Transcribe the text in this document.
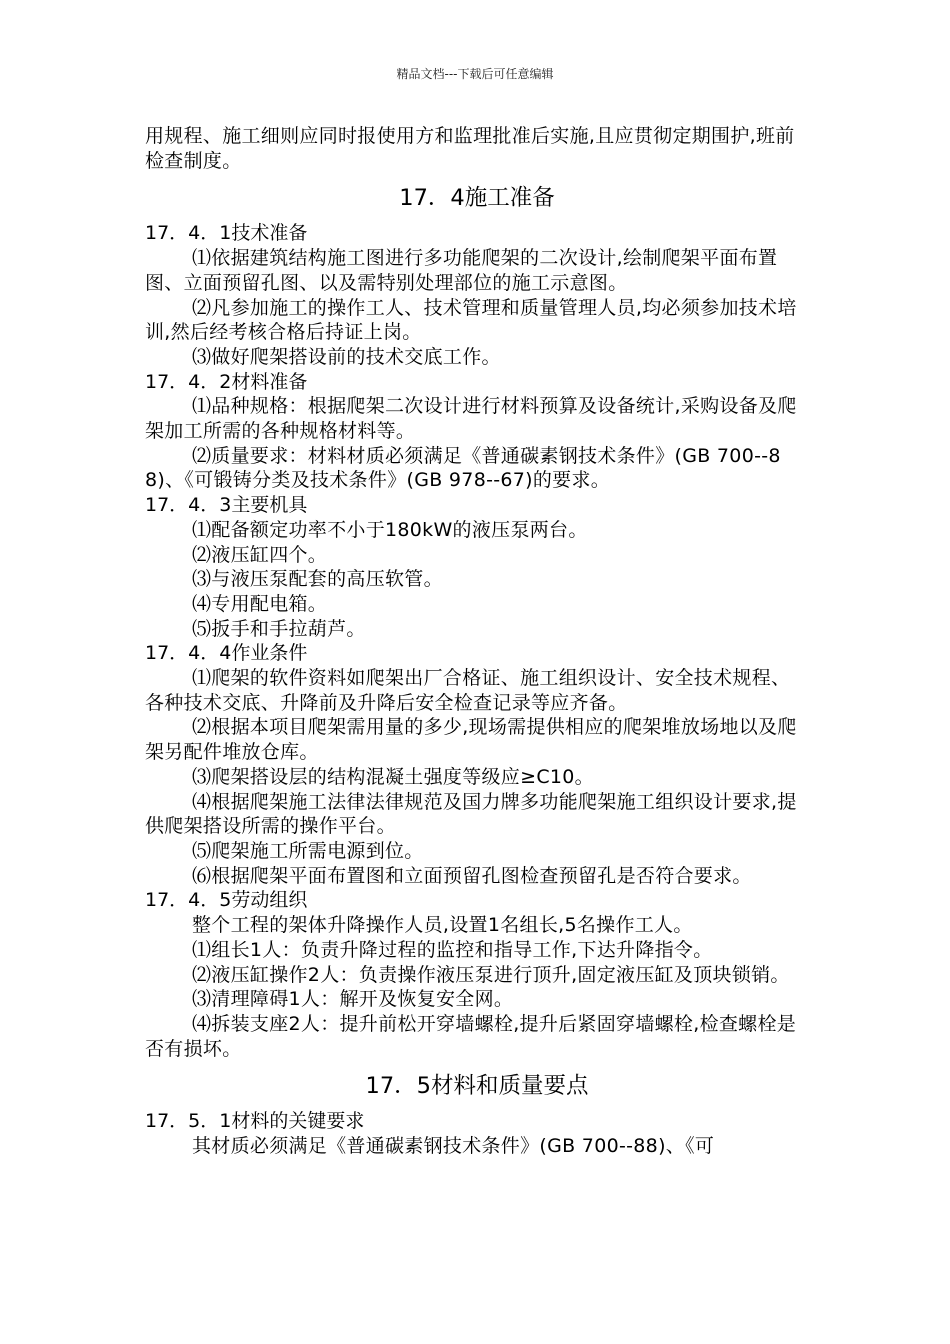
精品文档---下载后可任意编辑

用规程、施工细则应同时报使用方和监理批准后实施,且应贯彻定期围护,班前检查制度。

17．4施工准备

17．4．1技术准备

⑴依据建筑结构施工图进行多功能爬架的二次设计,绘制爬架平面布置图、立面预留孔图、以及需特别处理部位的施工示意图。

⑵凡参加施工的操作工人、技术管理和质量管理人员,均必须参加技术培训,然后经考核合格后持证上岗。

⑶做好爬架搭设前的技术交底工作。

17．4．2材料准备

⑴品种规格：根据爬架二次设计进行材料预算及设备统计,采购设备及爬架加工所需的各种规格材料等。

⑵质量要求：材料材质必须满足《普通碳素钢技术条件》(GB 700--88)、《可锻铸分类及技术条件》(GB 978--67)的要求。

17．4．3主要机具

⑴配备额定功率不小于180kW的液压泵两台。

⑵液压缸四个。

⑶与液压泵配套的高压软管。

⑷专用配电箱。

⑸扳手和手拉葫芦。

17．4．4作业条件

⑴爬架的软件资料如爬架出厂合格证、施工组织设计、安全技术规程、各种技术交底、升降前及升降后安全检查记录等应齐备。

⑵根据本项目爬架需用量的多少,现场需提供相应的爬架堆放场地以及爬架另配件堆放仓库。

⑶爬架搭设层的结构混凝土强度等级应≥C10。

⑷根据爬架施工法律法律规范及国力牌多功能爬架施工组织设计要求,提供爬架搭设所需的操作平台。

⑸爬架施工所需电源到位。

⑹根据爬架平面布置图和立面预留孔图检查预留孔是否符合要求。

17．4．5劳动组织

整个工程的架体升降操作人员,设置1名组长,5名操作工人。

⑴组长1人：负责升降过程的监控和指导工作,下达升降指令。

⑵液压缸操作2人：负责操作液压泵进行顶升,固定液压缸及顶块锁销。

⑶清理障碍1人：解开及恢复安全网。

⑷拆装支座2人：提升前松开穿墙螺栓,提升后紧固穿墙螺栓,检查螺栓是否有损坏。

17．5材料和质量要点

17．5．1材料的关键要求

其材质必须满足《普通碳素钢技术条件》(GB 700--88)、《可
